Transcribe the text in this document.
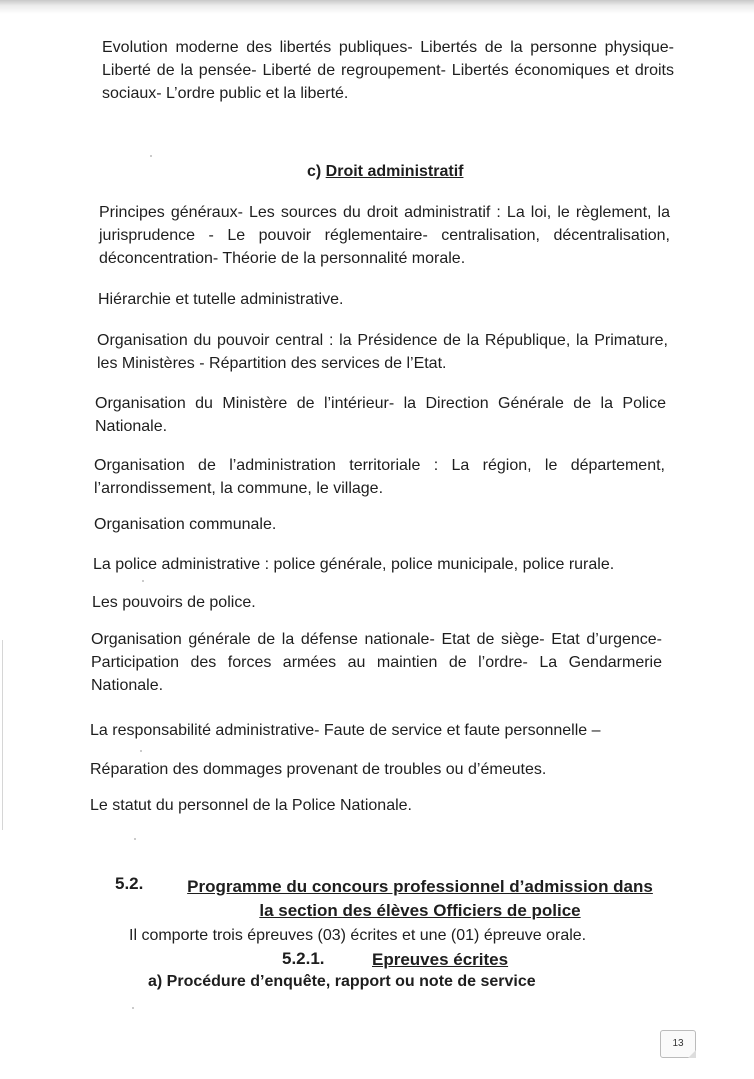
Evolution moderne des libertés publiques- Libertés de la personne physique- Liberté de la pensée- Liberté de regroupement- Libertés économiques et droits sociaux- L’ordre public et la liberté.

c) Droit administratif

Principes généraux- Les sources du droit administratif : La loi, le règlement, la jurisprudence - Le pouvoir réglementaire- centralisation, décentralisation, déconcentration- Théorie de la personnalité morale.

Hiérarchie et tutelle administrative.

Organisation du pouvoir central : la Présidence de la République, la Primature, les Ministères - Répartition des services de l’Etat.

Organisation du Ministère de l’intérieur- la Direction Générale de la Police Nationale.

Organisation de l’administration territoriale : La région, le département, l’arrondissement, la commune, le village.

Organisation communale.

La police administrative : police générale, police municipale, police rurale.

Les pouvoirs de police.

Organisation générale de la défense nationale- Etat de siège- Etat d’urgence- Participation des forces armées au maintien de l’ordre- La Gendarmerie Nationale.

La responsabilité administrative- Faute de service et faute personnelle –

Réparation des dommages provenant de troubles ou d’émeutes.

Le statut du personnel de la Police Nationale.

5.2.	Programme du concours professionnel d’admission dans

la section des élèves Officiers de police

Il comporte trois épreuves (03) écrites et une (01) épreuve orale.

5.2.1.	Epreuves écrites

a) Procédure d’enquête, rapport ou note de service

13
